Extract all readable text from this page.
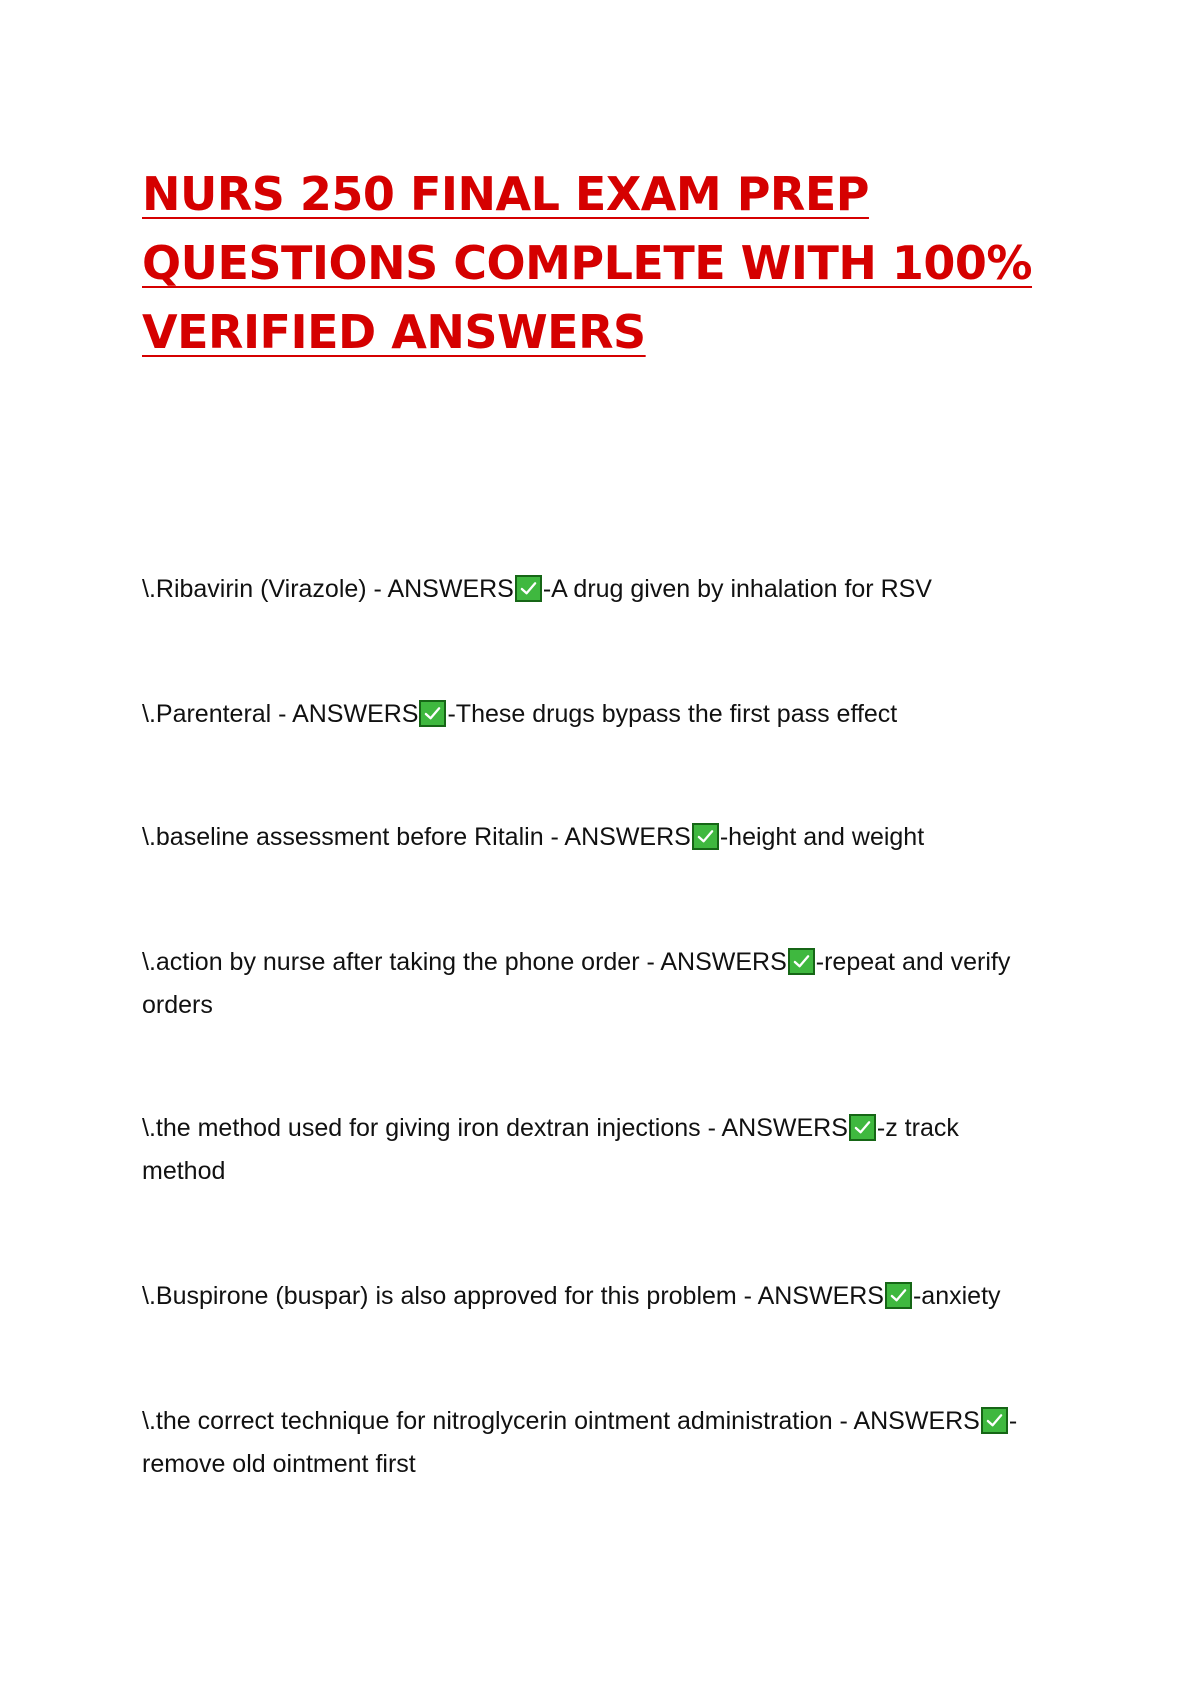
NURS 250 FINAL EXAM PREP
QUESTIONS COMPLETE WITH 100%
VERIFIED ANSWERS

\.Ribavirin (Virazole) - ANSWERS -A drug given by inhalation for RSV

\.Parenteral - ANSWERS -These drugs bypass the first pass effect

\.baseline assessment before Ritalin - ANSWERS -height and weight

\.action by nurse after taking the phone order - ANSWERS -repeat and verify orders

\.the method used for giving iron dextran injections - ANSWERS -z track method

\.Buspirone (buspar) is also approved for this problem - ANSWERS -anxiety

\.the correct technique for nitroglycerin ointment administration - ANSWERS -remove old ointment first
